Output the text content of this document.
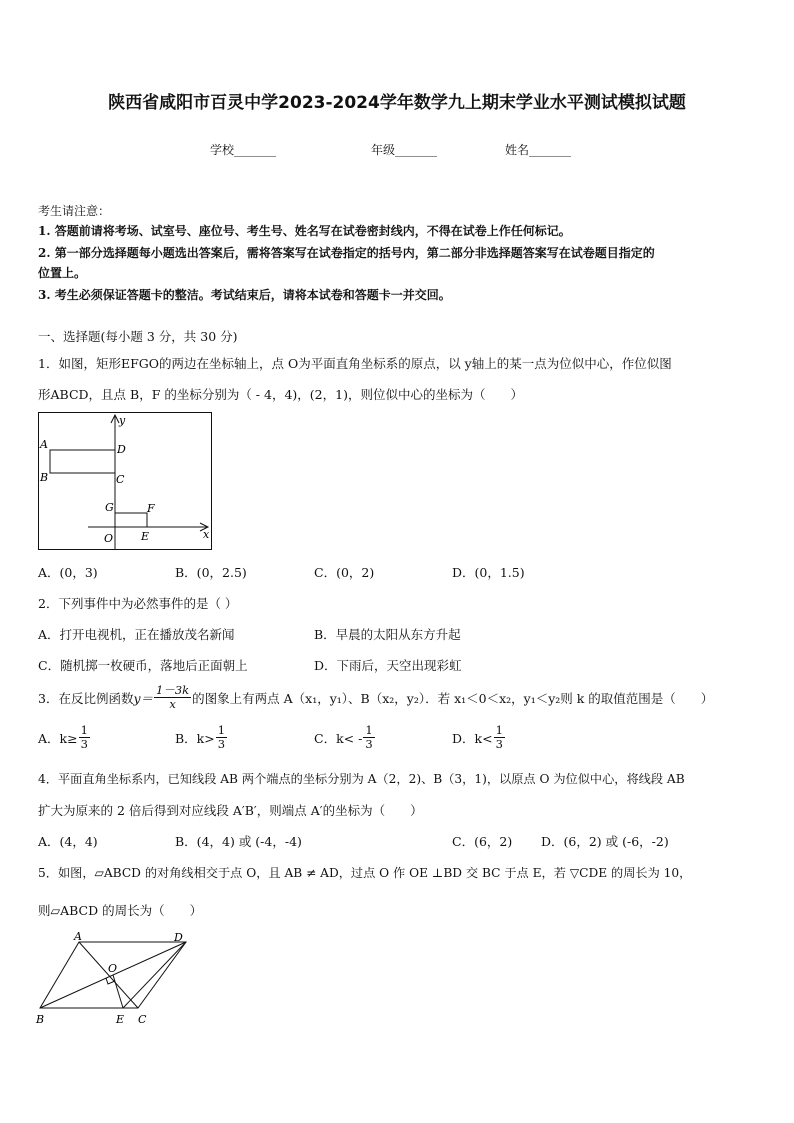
陕西省咸阳市百灵中学2023-2024学年数学九上期末学业水平测试模拟试题
学校_______	年级_______	姓名_______
考生请注意：
1. 答题前请将考场、试室号、座位号、考生号、姓名写在试卷密封线内，不得在试卷上作任何标记。
2. 第一部分选择题每小题选出答案后，需将答案写在试卷指定的括号内，第二部分非选择题答案写在试卷题目指定的
位置上。
3. 考生必须保证答题卡的整洁。考试结束后，请将本试卷和答题卡一并交回。
一、选择题(每小题 3 分，共 30 分)
1．如图，矩形EFGO的两边在坐标轴上，点 O为平面直角坐标系的原点，以 y轴上的某一点为位似中心，作位似图
形ABCD，且点 B，F 的坐标分别为（ - 4，4)，(2，1)，则位似中心的坐标为（　　）
y
x
A
B	C
D
G	F
O	E
A．(0，3)	B．(0，2.5)	C．(0，2)	D．(0，1.5)
2．下列事件中为必然事件的是（ ）
A．打开电视机，正在播放茂名新闻	B．早晨的太阳从东方升起
C．随机掷一枚硬币，落地后正面朝上	D．下雨后，天空出现彩虹
3．在反比例函数 $y= \frac{1-3k}{x}$ 的图象上有两点 A（x₁，y₁）、B（x₂，y₂）．若 x₁＜0＜x₂，y₁＜y₂则 k 的取值范围是（　　）
A．$k\ge \frac{1}{3}$	B．$k> \frac{1}{3}$	C．$k< - \frac{1}{3}$	D．$k< \frac{1}{3}$
4．平面直角坐标系内，已知线段 AB 两个端点的坐标分别为 A（2，2)、B（3，1)，以原点 O 为位似中心，将线段 AB
扩大为原来的 2 倍后得到对应线段 A′B′，则端点 A′的坐标为（　　）
A．(4，4)	B．(4，4) 或 (-4，-4)	C．(6，2) D．(6，2) 或 (-6，-2)
5．如图，▱ABCD 的对角线相交于点 O，且 AB ≠ AD，过点 O 作 OE ⊥BD 交 BC 于点 E，若 ▽CDE 的周长为 10，
则▱ABCD 的周长为（　　）
A	D
O
B	E C
